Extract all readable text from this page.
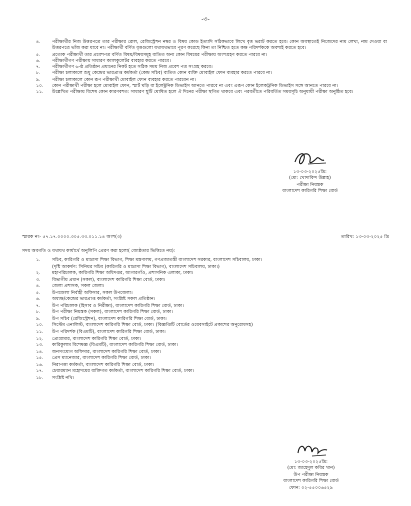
-৩-
৪.	পরীক্ষার্থীর নিজ উত্তরপত্রে তার পরীক্ষার রোল, রেজিস্ট্রেশন নম্বর ও বিষয় কোড ইত্যাদি সঠিকভাবে লিখে বৃত্ত ভরাট করতে হবে। কোন অবস্থাতেই নিজেদের নাম লেখা, নাম দেওয়া বা উত্তরপত্রে ভাঁজ করা যাবে না। পরীক্ষার্থী বর্ণিত বৃত্তগুলো যথাযথভাবে পূরণ করেছে কিনা তা নিশ্চিত হতে কক্ষ পরিদর্শককে অবশ্যই করতে হবে।
৫.	প্রত্যেক পরীক্ষার্থী তার প্রবেশপত্র বর্ণিত বিষয়/বিষয়সমূহ ব্যতিত অন্য কোন বিষয়ের পরীক্ষায় অংশগ্রহণ করতে পারবে না।
৬.	পরীক্ষার্থীগণ পরীক্ষায় সাধারণ ক্যালকুলেটর ব্যবহার করতে পারবে।
৭.	পরীক্ষার্থীগণ ৬-ষ্ঠ প্রতিষ্ঠান প্রধানের নিকট হতে সঠিক সময় নিজ প্রবেশ পত্র সংগ্রহ করবে।
৮.	পরীক্ষা চলাকালে শুধু কেন্দ্রের ভারপ্রাপ্ত কর্মকর্তা (কেন্দ্র সচিব) ব্যতিত কোন ব্যক্তি মোবাইল ফোন ব্যবহার করতে পারবে না।
৯.	পরীক্ষা চলাকালে কোন রূপ পরীক্ষার্থী মোবাইল ফোন ব্যবহার করতে পারবেন না।
১০.	কোন পরীক্ষার্থী পরীক্ষা হলে মোবাইল ফোন, স্মার্ট ঘড়ি বা ইলেক্ট্রনিক ডিভাইস আনতে পারবে না এবং এরূপ কোন ইলেকট্রনিক ডিভাইস সঙ্গে আনতে পারবে না।
১১.	উল্লেখিত পরীক্ষায় বিশেষ কোন কারণবশত: সাধারণ ছুটি ঘোষিত হলে ঐ দিনের পরীক্ষা স্থগিত থাকবে এবং পরবর্তীতে পরিবর্তিত সময়সূচি অনুযায়ী পরীক্ষা অনুষ্ঠিত হবে।
১৩-০৩-২০২৫খ্রি:
(মো: খোদাবিন্দ উল্লাহ)
পরীক্ষা নিয়ন্ত্রক
বাংলাদেশ কারিগরি শিক্ষা বোর্ড
স্মারক নং- ৫৭.১৭.০০০০.৩০৫.৩৩.০১১.১৪ অংশ(৩)	তারিখ: ১৩-০৩-২০২৫ খ্রি
সদয় অবগতি ও যথাযথ কার্যার্থে অনুলিপি প্রেরণ করা হলো( জ্যেষ্ঠতার ভিত্তিতে নয়):
১.	সচিব, কারিগরি ও মাদ্রাসা শিক্ষা বিভাগ, শিক্ষা মন্ত্রণালয়, গণপ্রজাতন্ত্রী বাংলাদেশ সরকার, বাংলাদেশ সচিবালয়, ঢাকা।
(দৃষ্টি আকর্ষণ: সিনিয়র সচিব (কারিগরি ও মাদ্রাসা শিক্ষা বিভাগ), বাংলাদেশ সচিবালয়, ঢাকা।)
২.	মহাপরিচালক, কারিগরি শিক্ষা অধিদপ্তর, আগারগাঁও, প্রশাসনিক এলাকা, ঢাকা।
৩.	বিভাগীয় প্রধান (সকল), বাংলাদেশ কারিগরি শিক্ষা বোর্ড, ঢাকা।
৪.	জেলা প্রশাসক, সকল জেলা।
৫.	উপজেলা নির্বাহী অফিসার, সকল উপজেলা।
৬.	অধ্যক্ষ/কেন্দ্রের ভারপ্রাপ্ত কর্মকর্তা, সংশ্লিষ্ট সকল প্রতিষ্ঠান।
৭.	উপ পরিচালক (হিসাব ও নিরীক্ষা), বাংলাদেশ কারিগরি শিক্ষা বোর্ড, ঢাকা।
৮.	উপ পরীক্ষা নিয়ন্ত্রক (সকল), বাংলাদেশ কারিগরি শিক্ষা বোর্ড, ঢাকা।
৯.	উপ সচিব (রেজিস্ট্রেশন), বাংলাদেশ কারিগরি শিক্ষা বোর্ড, ঢাকা।
১০.	সিস্টেম এনালিস্ট, বাংলাদেশ কারিগরি শিক্ষা বোর্ড, ঢাকা। (বিজ্ঞপ্তিটি বোর্ডের ওয়েবসাইটে প্রকাশের অনুরোধসহ)
১১.	উপ পরিদর্শক (বিএমটি), বাংলাদেশ কারিগরি শিক্ষা বোর্ড, ঢাকা।
১২.	প্রোগ্রামার, বাংলাদেশ কারিগরি শিক্ষা বোর্ড, ঢাকা।
১৩.	কারিকুলাম বিশেষজ্ঞ (বিএমটি), বাংলাদেশ কারিগরি শিক্ষা বোর্ড, ঢাকা।
১৪.	জনসংযোগ অফিসার, বাংলাদেশ কারিগরি শিক্ষা বোর্ড, ঢাকা।
১৫.	প্রেস ম্যানেজার, বাংলাদেশ কারিগরি শিক্ষা বোর্ড, ঢাকা।
১৬.	নিরাপত্তা কর্মকর্তা, বাংলাদেশ কারিগরি শিক্ষা বোর্ড, ঢাকা।
১৭.	চেয়ারম্যান মহোদয়ের ব্যক্তিগত কর্মকর্তা, বাংলাদেশ কারিগরি শিক্ষা বোর্ড, ঢাকা।
১৮.	সংশ্লিষ্ট নথি।
১৩-০৩-২০২৫খ্রি:
(মো: জাহেদুল কবির খান)
উপ পরীক্ষা নিয়ন্ত্রক
বাংলাদেশ কারিগরি শিক্ষা বোর্ড
ফোন: ০২-৫৫০০৬৫২৯
